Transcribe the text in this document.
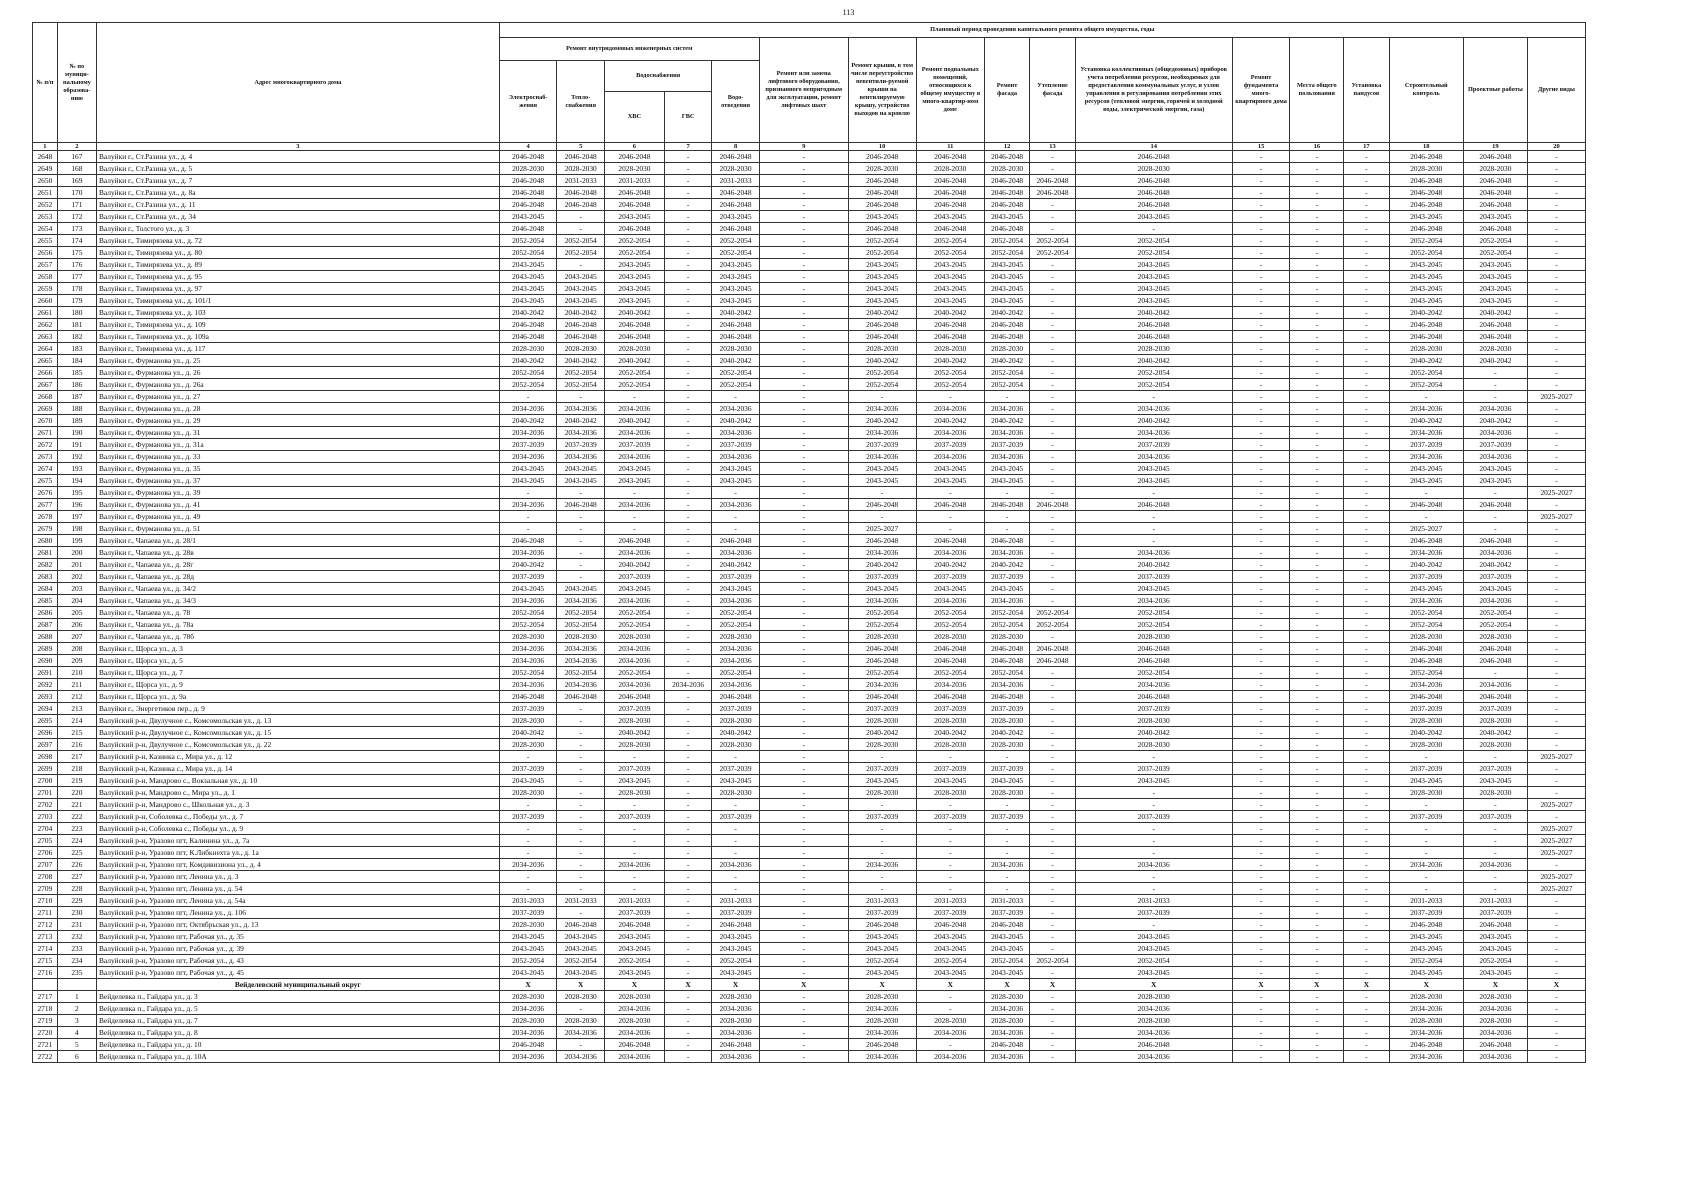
113
№ п/п	№ по муници-пальному образова-нию	Адрес многоквартирного дома	Плановый период проведения капитального ремонта общего имущества, годы																
			Ремонт внутридомовых инженерных систем					Ремонт или замена лифтового оборудования, признанного непригодным для эксплуатации, ремонт лифтовых шахт	Ремонт крыши, в том числе переустройство невентили-руемой крыши на вентилируемую крышу, устройство выходов на кровлю	Ремонт подвальных помещений, относящихся к общему имуществу в много-квартир-ном доме	Ремонт фасада	Утепление фасада	Установка коллективных (общедомовых) приборов учета потребления ресурсов, необходимых для предоставления коммунальных услуг, и узлов управления и регулирования потребления этих ресурсов (тепловой энергии, горячей и холодной воды, электрической энергии, газа)	Ремонт фундамента много-квартирного дома	Места общего пользования	Установка пандусов	Строительный контроль	Проектные работы	Другие виды
			Электроснаб-жения	Тепло-снабжения	Водоснабжения		Водо-отведения												
					ХВС	ГВС													
1	2	3	4	5	6	7	8	9	10	11	12	13	14	15	16	17	18	19	20
2648	167	Валуйки г., Ст.Разина ул., д. 4	2046-2048	2046-2048	2046-2048	-	2046-2048	-	2046-2048	2046-2048	2046-2048	-	2046-2048	-	-	-	2046-2048	2046-2048	-
2649	168	Валуйки г., Ст.Разина ул., д. 5	2028-2030	2028-2030	2028-2030	-	2028-2030	-	2028-2030	2028-2030	2028-2030	-	2028-2030	-	-	-	2028-2030	2028-2030	-
2650	169	Валуйки г., Ст.Разина ул., д. 7	2046-2048	2031-2033	2031-2033	-	2031-2033	-	2046-2048	2046-2048	2046-2048	2046-2048	2046-2048	-	-	-	2046-2048	2046-2048	-
2651	170	Валуйки г., Ст.Разина ул., д. 8а	2046-2048	2046-2048	2046-2048	-	2046-2048	-	2046-2048	2046-2048	2046-2048	2046-2048	2046-2048	-	-	-	2046-2048	2046-2048	-
2652	171	Валуйки г., Ст.Разина ул., д. 11	2046-2048	2046-2048	2046-2048	-	2046-2048	-	2046-2048	2046-2048	2046-2048	-	2046-2048	-	-	-	2046-2048	2046-2048	-
2653	172	Валуйки г., Ст.Разина ул., д. 34	2043-2045	-	2043-2045	-	2043-2045	-	2043-2045	2043-2045	2043-2045	-	2043-2045	-	-	-	2043-2045	2043-2045	-
2654	173	Валуйки г., Толстого ул., д. 3	2046-2048	-	2046-2048	-	2046-2048	-	2046-2048	2046-2048	2046-2048	-	-	-	-	-	2046-2048	2046-2048	-
2655	174	Валуйки г., Тимирязева ул., д. 72	2052-2054	2052-2054	2052-2054	-	2052-2054	-	2052-2054	2052-2054	2052-2054	2052-2054	2052-2054	-	-	-	2052-2054	2052-2054	-
2656	175	Валуйки г., Тимирязева ул., д. 80	2052-2054	2052-2054	2052-2054	-	2052-2054	-	2052-2054	2052-2054	2052-2054	2052-2054	2052-2054	-	-	-	2052-2054	2052-2054	-
2657	176	Валуйки г., Тимирязева ул., д. 89	2043-2045	-	2043-2045	-	2043-2045	-	2043-2045	2043-2045	2043-2045	-	2043-2045	-	-	-	2043-2045	2043-2045	-
2658	177	Валуйки г., Тимирязева ул., д. 95	2043-2045	2043-2045	2043-2045	-	2043-2045	-	2043-2045	2043-2045	2043-2045	-	2043-2045	-	-	-	2043-2045	2043-2045	-
2659	178	Валуйки г., Тимирязева ул., д. 97	2043-2045	2043-2045	2043-2045	-	2043-2045	-	2043-2045	2043-2045	2043-2045	-	2043-2045	-	-	-	2043-2045	2043-2045	-
2660	179	Валуйки г., Тимирязева ул., д. 101/1	2043-2045	2043-2045	2043-2045	-	2043-2045	-	2043-2045	2043-2045	2043-2045	-	2043-2045	-	-	-	2043-2045	2043-2045	-
2661	180	Валуйки г., Тимирязева ул., д. 103	2040-2042	2040-2042	2040-2042	-	2040-2042	-	2040-2042	2040-2042	2040-2042	-	2040-2042	-	-	-	2040-2042	2040-2042	-
2662	181	Валуйки г., Тимирязева ул., д. 109	2046-2048	2046-2048	2046-2048	-	2046-2048	-	2046-2048	2046-2048	2046-2048	-	2046-2048	-	-	-	2046-2048	2046-2048	-
2663	182	Валуйки г., Тимирязева ул., д. 109а	2046-2048	2046-2048	2046-2048	-	2046-2048	-	2046-2048	2046-2048	2046-2048	-	2046-2048	-	-	-	2046-2048	2046-2048	-
2664	183	Валуйки г., Тимирязева ул., д. 117	2028-2030	2028-2030	2028-2030	-	2028-2030	-	2028-2030	2028-2030	2028-2030	-	2028-2030	-	-	-	2028-2030	2028-2030	-
2665	184	Валуйки г., Фурманова ул., д. 25	2040-2042	2040-2042	2040-2042	-	2040-2042	-	2040-2042	2040-2042	2040-2042	-	2040-2042	-	-	-	2040-2042	2040-2042	-
2666	185	Валуйки г., Фурманова ул., д. 26	2052-2054	2052-2054	2052-2054	-	2052-2054	-	2052-2054	2052-2054	2052-2054	-	2052-2054	-	-	-	2052-2054	-	-
2667	186	Валуйки г., Фурманова ул., д. 26а	2052-2054	2052-2054	2052-2054	-	2052-2054	-	2052-2054	2052-2054	2052-2054	-	2052-2054	-	-	-	2052-2054	-	-
2668	187	Валуйки г., Фурманова ул., д. 27	-	-	-	-	-	-	-	-	-	-	-	-	-	-	-	-	2025-2027
2669	188	Валуйки г., Фурманова ул., д. 28	2034-2036	2034-2036	2034-2036	-	2034-2036	-	2034-2036	2034-2036	2034-2036	-	2034-2036	-	-	-	2034-2036	2034-2036	-
2670	189	Валуйки г., Фурманова ул., д. 29	2040-2042	2040-2042	2040-2042	-	2040-2042	-	2040-2042	2040-2042	2040-2042	-	2040-2042	-	-	-	2040-2042	2040-2042	-
2671	190	Валуйки г., Фурманова ул., д. 31	2034-2036	2034-2036	2034-2036	-	2034-2036	-	2034-2036	2034-2036	2034-2036	-	2034-2036	-	-	-	2034-2036	2034-2036	-
2672	191	Валуйки г., Фурманова ул., д. 31а	2037-2039	2037-2039	2037-2039	-	2037-2039	-	2037-2039	2037-2039	2037-2039	-	2037-2039	-	-	-	2037-2039	2037-2039	-
2673	192	Валуйки г., Фурманова ул., д. 33	2034-2036	2034-2036	2034-2036	-	2034-2036	-	2034-2036	2034-2036	2034-2036	-	2034-2036	-	-	-	2034-2036	2034-2036	-
2674	193	Валуйки г., Фурманова ул., д. 35	2043-2045	2043-2045	2043-2045	-	2043-2045	-	2043-2045	2043-2045	2043-2045	-	2043-2045	-	-	-	2043-2045	2043-2045	-
2675	194	Валуйки г., Фурманова ул., д. 37	2043-2045	2043-2045	2043-2045	-	2043-2045	-	2043-2045	2043-2045	2043-2045	-	2043-2045	-	-	-	2043-2045	2043-2045	-
2676	195	Валуйки г., Фурманова ул., д. 39	-	-	-	-	-	-	-	-	-	-	-	-	-	-	-	-	2025-2027
2677	196	Валуйки г., Фурманова ул., д. 41	2034-2036	2046-2048	2034-2036	-	2034-2036	-	2046-2048	2046-2048	2046-2048	2046-2048	2046-2048	-	-	-	2046-2048	2046-2048	-
2678	197	Валуйки г., Фурманова ул., д. 49	-	-	-	-	-	-	-	-	-	-	-	-	-	-	-	-	2025-2027
2679	198	Валуйки г., Фурманова ул., д. 51	-	-	-	-	-	-	2025-2027	-	-	-	-	-	-	-	2025-2027	-	-
2680	199	Валуйки г., Чапаева ул., д. 28/1	2046-2048	-	2046-2048	-	2046-2048	-	2046-2048	2046-2048	2046-2048	-	-	-	-	-	2046-2048	2046-2048	-
2681	200	Валуйки г., Чапаева ул., д. 28в	2034-2036	-	2034-2036	-	2034-2036	-	2034-2036	2034-2036	2034-2036	-	2034-2036	-	-	-	2034-2036	2034-2036	-
2682	201	Валуйки г., Чапаева ул., д. 28г	2040-2042	-	2040-2042	-	2040-2042	-	2040-2042	2040-2042	2040-2042	-	2040-2042	-	-	-	2040-2042	2040-2042	-
2683	202	Валуйки г., Чапаева ул., д. 28д	2037-2039	-	2037-2039	-	2037-2039	-	2037-2039	2037-2039	2037-2039	-	2037-2039	-	-	-	2037-2039	2037-2039	-
2684	203	Валуйки г., Чапаева ул., д. 34/2	2043-2045	2043-2045	2043-2045	-	2043-2045	-	2043-2045	2043-2045	2043-2045	-	2043-2045	-	-	-	2043-2045	2043-2045	-
2685	204	Валуйки г., Чапаева ул., д. 34/3	2034-2036	2034-2036	2034-2036	-	2034-2036	-	2034-2036	2034-2036	2034-2036	-	2034-2036	-	-	-	2034-2036	2034-2036	-
2686	205	Валуйки г., Чапаева ул., д. 78	2052-2054	2052-2054	2052-2054	-	2052-2054	-	2052-2054	2052-2054	2052-2054	2052-2054	2052-2054	-	-	-	2052-2054	2052-2054	-
2687	206	Валуйки г., Чапаева ул., д. 78а	2052-2054	2052-2054	2052-2054	-	2052-2054	-	2052-2054	2052-2054	2052-2054	2052-2054	2052-2054	-	-	-	2052-2054	2052-2054	-
2688	207	Валуйки г., Чапаева ул., д. 78б	2028-2030	2028-2030	2028-2030	-	2028-2030	-	2028-2030	2028-2030	2028-2030	-	2028-2030	-	-	-	2028-2030	2028-2030	-
2689	208	Валуйки г., Щорса ул., д. 3	2034-2036	2034-2036	2034-2036	-	2034-2036	-	2046-2048	2046-2048	2046-2048	2046-2048	2046-2048	-	-	-	2046-2048	2046-2048	-
2690	209	Валуйки г., Щорса ул., д. 5	2034-2036	2034-2036	2034-2036	-	2034-2036	-	2046-2048	2046-2048	2046-2048	2046-2048	2046-2048	-	-	-	2046-2048	2046-2048	-
2691	210	Валуйки г., Щорса ул., д. 7	2052-2054	2052-2054	2052-2054	-	2052-2054	-	2052-2054	2052-2054	2052-2054	-	2052-2054	-	-	-	2052-2054	-	-
2692	211	Валуйки г., Щорса ул., д. 9	2034-2036	2034-2036	2034-2036	2034-2036	2034-2036	-	2034-2036	2034-2036	2034-2036	-	2034-2036	-	-	-	2034-2036	2034-2036	-
2693	212	Валуйки г., Щорса ул., д. 9а	2046-2048	2046-2048	2046-2048	-	2046-2048	-	2046-2048	2046-2048	2046-2048	-	2046-2048	-	-	-	2046-2048	2046-2048	-
2694	213	Валуйки г., Энергетиков пер., д. 9	2037-2039	-	2037-2039	-	2037-2039	-	2037-2039	2037-2039	2037-2039	-	2037-2039	-	-	-	2037-2039	2037-2039	-
2695	214	Валуйский р-н, Двулучное с., Комсомольская ул., д. 13	2028-2030	-	2028-2030	-	2028-2030	-	2028-2030	2028-2030	2028-2030	-	2028-2030	-	-	-	2028-2030	2028-2030	-
2696	215	Валуйский р-н, Двулучное с., Комсомольская ул., д. 15	2040-2042	-	2040-2042	-	2040-2042	-	2040-2042	2040-2042	2040-2042	-	2040-2042	-	-	-	2040-2042	2040-2042	-
2697	216	Валуйский р-н, Двулучное с., Комсомольская ул., д. 22	2028-2030	-	2028-2030	-	2028-2030	-	2028-2030	2028-2030	2028-2030	-	2028-2030	-	-	-	2028-2030	2028-2030	-
2698	217	Валуйский р-н, Казинка с., Мира ул., д. 12	-	-	-	-	-	-	-	-	-	-	-	-	-	-	-	-	2025-2027
2699	218	Валуйский р-н, Казинка с., Мира ул., д. 14	2037-2039	-	2037-2039	-	2037-2039	-	2037-2039	2037-2039	2037-2039	-	2037-2039	-	-	-	2037-2039	2037-2039	-
2700	219	Валуйский р-н, Мандрово с., Вокзальная ул., д. 10	2043-2045	-	2043-2045	-	2043-2045	-	2043-2045	2043-2045	2043-2045	-	2043-2045	-	-	-	2043-2045	2043-2045	-
2701	220	Валуйский р-н, Мандрово с., Мира ул., д. 1	2028-2030	-	2028-2030	-	2028-2030	-	2028-2030	2028-2030	2028-2030	-	-	-	-	-	2028-2030	2028-2030	-
2702	221	Валуйский р-н, Мандрово с., Школьная ул., д. 3	-	-	-	-	-	-	-	-	-	-	-	-	-	-	-	-	2025-2027
2703	222	Валуйский р-н, Соболевка с., Победы ул., д. 7	2037-2039	-	2037-2039	-	2037-2039	-	2037-2039	2037-2039	2037-2039	-	2037-2039	-	-	-	2037-2039	2037-2039	-
2704	223	Валуйский р-н, Соболевка с., Победы ул., д. 9	-	-	-	-	-	-	-	-	-	-	-	-	-	-	-	-	2025-2027
2705	224	Валуйский р-н, Уразово пгт, Калинина ул., д. 7а	-	-	-	-	-	-	-	-	-	-	-	-	-	-	-	-	2025-2027
2706	225	Валуйский р-н, Уразово пгт, К.Либкнехта ул., д. 1а	-	-	-	-	-	-	-	-	-	-	-	-	-	-	-	-	2025-2027
2707	226	Валуйский р-н, Уразово пгт, Комдивизиона ул., д. 4	2034-2036	-	2034-2036	-	2034-2036	-	2034-2036	-	2034-2036	-	2034-2036	-	-	-	2034-2036	2034-2036	-
2708	227	Валуйский р-н, Уразово пгт, Ленина ул., д. 3	-	-	-	-	-	-	-	-	-	-	-	-	-	-	-	-	2025-2027
2709	228	Валуйский р-н, Уразово пгт, Ленина ул., д. 54	-	-	-	-	-	-	-	-	-	-	-	-	-	-	-	-	2025-2027
2710	229	Валуйский р-н, Уразово пгт, Ленина ул., д. 54а	2031-2033	2031-2033	2031-2033	-	2031-2033	-	2031-2033	2031-2033	2031-2033	-	2031-2033	-	-	-	2031-2033	2031-2033	-
2711	230	Валуйский р-н, Уразово пгт, Ленина ул., д. 106	2037-2039	-	2037-2039	-	2037-2039	-	2037-2039	2037-2039	2037-2039	-	2037-2039	-	-	-	2037-2039	2037-2039	-
2712	231	Валуйский р-н, Уразово пгт, Октябрьская ул., д. 13	2028-2030	2046-2048	2046-2048	-	2046-2048	-	2046-2048	2046-2048	2046-2048	-	-	-	-	-	2046-2048	2046-2048	-
2713	232	Валуйский р-н, Уразово пгт, Рабочая ул., д. 35	2043-2045	2043-2045	2043-2045	-	2043-2045	-	2043-2045	2043-2045	2043-2045	-	2043-2045	-	-	-	2043-2045	2043-2045	-
2714	233	Валуйский р-н, Уразово пгт, Рабочая ул., д. 39	2043-2045	2043-2045	2043-2045	-	2043-2045	-	2043-2045	2043-2045	2043-2045	-	2043-2045	-	-	-	2043-2045	2043-2045	-
2715	234	Валуйский р-н, Уразово пгт, Рабочая ул., д. 43	2052-2054	2052-2054	2052-2054	-	2052-2054	-	2052-2054	2052-2054	2052-2054	2052-2054	2052-2054	-	-	-	2052-2054	2052-2054	-
2716	235	Валуйский р-н, Уразово пгт, Рабочая ул., д. 45	2043-2045	2043-2045	2043-2045	-	2043-2045	-	2043-2045	2043-2045	2043-2045	-	2043-2045	-	-	-	2043-2045	2043-2045	-
		Вейделевский муниципальный округ	X	X	X	X	X	X	X	X	X	X	X	X	X	X	X	X	X
2717	1	Вейделевка п., Гайдара ул., д. 3	2028-2030	2028-2030	2028-2030	-	2028-2030	-	2028-2030	-	2028-2030	-	2028-2030	-	-	-	2028-2030	2028-2030	-
2718	2	Вейделевка п., Гайдара ул., д. 5	2034-2036	-	2034-2036	-	2034-2036	-	2034-2036	-	2034-2036	-	2034-2036	-	-	-	2034-2036	2034-2036	-
2719	3	Вейделевка п., Гайдара ул., д. 7	2028-2030	2028-2030	2028-2030	-	2028-2030	-	2028-2030	2028-2030	2028-2030	-	2028-2030	-	-	-	2028-2030	2028-2030	-
2720	4	Вейделевка п., Гайдара ул., д. 8	2034-2036	2034-2036	2034-2036	-	2034-2036	-	2034-2036	2034-2036	2034-2036	-	2034-2036	-	-	-	2034-2036	2034-2036	-
2721	5	Вейделевка п., Гайдара ул., д. 10	2046-2048	-	2046-2048	-	2046-2048	-	2046-2048	-	2046-2048	-	2046-2048	-	-	-	2046-2048	2046-2048	-
2722	6	Вейделевка п., Гайдара ул., д. 10А	2034-2036	2034-2036	2034-2036	-	2034-2036	-	2034-2036	2034-2036	2034-2036	-	2034-2036	-	-	-	2034-2036	2034-2036	-
